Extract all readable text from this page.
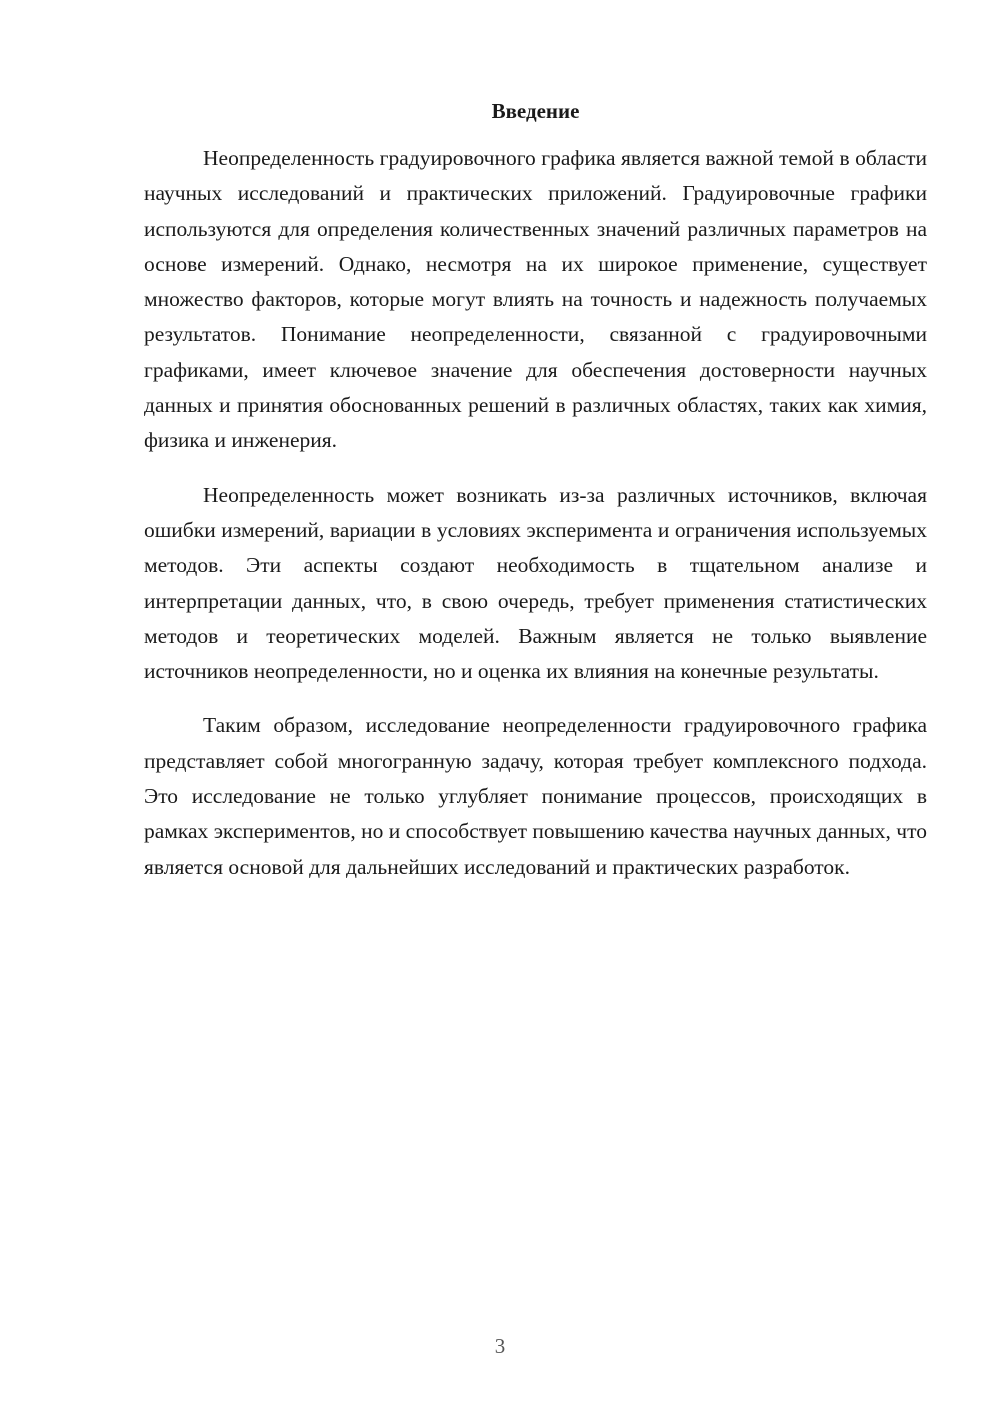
Введение

Неопределенность градуировочного графика является важной темой в области научных исследований и практических приложений. Градуировочные графики используются для определения количественных значений различных параметров на основе измерений. Однако, несмотря на их широкое применение, существует множество факторов, которые могут влиять на точность и надежность получаемых результатов. Понимание неопределенности, связанной с градуировочными графиками, имеет ключевое значение для обеспечения достоверности научных данных и принятия обоснованных решений в различных областях, таких как химия, физика и инженерия.

Неопределенность может возникать из-за различных источников, включая ошибки измерений, вариации в условиях эксперимента и ограничения используемых методов. Эти аспекты создают необходимость в тщательном анализе и интерпретации данных, что, в свою очередь, требует применения статистических методов и теоретических моделей. Важным является не только выявление источников неопределенности, но и оценка их влияния на конечные результаты.

Таким образом, исследование неопределенности градуировочного графика представляет собой многогранную задачу, которая требует комплексного подхода. Это исследование не только углубляет понимание процессов, происходящих в рамках экспериментов, но и способствует повышению качества научных данных, что является основой для дальнейших исследований и практических разработок.

3
